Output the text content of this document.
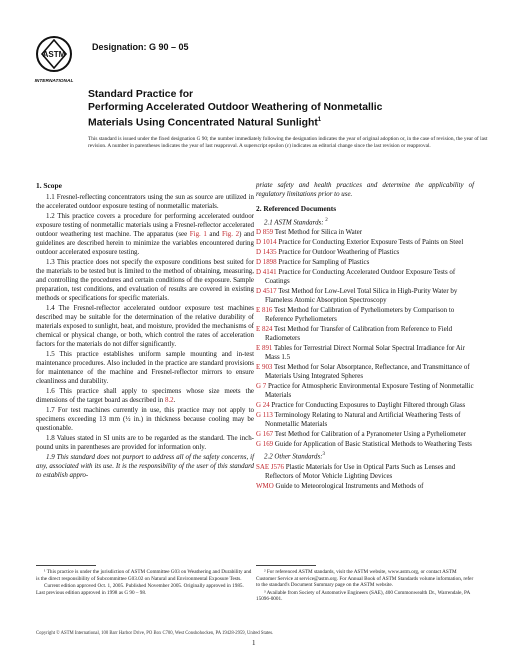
ASTM
INTERNATIONAL
Designation: G 90 – 05
Standard Practice for
Performing Accelerated Outdoor Weathering of Nonmetallic
Materials Using Concentrated Natural Sunlight$^1$
This standard is issued under the fixed designation G 90; the number immediately following the designation indicates the year of original adoption or, in the case of revision, the year of last revision. A number in parentheses indicates the year of last reapproval. A superscript epsilon (ε) indicates an editorial change since the last revision or reapproval.
1. Scope

1.1 Fresnel-reflecting concentrators using the sun as source are utilized in the accelerated outdoor exposure testing of nonmetallic materials.

1.2 This practice covers a procedure for performing accelerated outdoor exposure testing of nonmetallic materials using a Fresnel-reflector accelerated outdoor weathering test machine. The apparatus (see Fig. 1 and Fig. 2) and guidelines are described herein to minimize the variables encountered during outdoor accelerated exposure testing.

1.3 This practice does not specify the exposure conditions best suited for the materials to be tested but is limited to the method of obtaining, measuring, and controlling the procedures and certain conditions of the exposure. Sample preparation, test conditions, and evaluation of results are covered in existing methods or specifications for specific materials.

1.4 The Fresnel-reflector accelerated outdoor exposure test machines described may be suitable for the determination of the relative durability of materials exposed to sunlight, heat, and moisture, provided the mechanisms of chemical or physical change, or both, which control the rates of acceleration factors for the materials do not differ significantly.

1.5 This practice establishes uniform sample mounting and in-test maintenance procedures. Also included in the practice are standard provisions for maintenance of the machine and Fresnel-reflector mirrors to ensure cleanliness and durability.

1.6 This practice shall apply to specimens whose size meets the dimensions of the target board as described in 8.2.

1.7 For test machines currently in use, this practice may not apply to specimens exceeding 13 mm (½ in.) in thickness because cooling may be questionable.

1.8 Values stated in SI units are to be regarded as the standard. The inch-pound units in parentheses are provided for information only.

1.9 This standard does not purport to address all of the safety concerns, if any, associated with its use. It is the responsibility of the user of this standard to establish appro-

priate safety and health practices and determine the applicability of regulatory limitations prior to use.

2. Referenced Documents
2.1 ASTM Standards: $^2$

D 859 Test Method for Silica in Water

D 1014 Practice for Conducting Exterior Exposure Tests of Paints on Steel

D 1435 Practice for Outdoor Weathering of Plastics

D 1898 Practice for Sampling of Plastics

D 4141 Practice for Conducting Accelerated Outdoor Exposure Tests of Coatings

D 4517 Test Method for Low-Level Total Silica in High-Purity Water by Flameless Atomic Absorption Spectroscopy

E 816 Test Method for Calibration of Pyrheliometers by Comparison to Reference Pyrheliometers

E 824 Test Method for Transfer of Calibration from Reference to Field Radiometers

E 891 Tables for Terrestrial Direct Normal Solar Spectral Irradiance for Air Mass 1.5

E 903 Test Method for Solar Absorptance, Reflectance, and Transmittance of Materials Using Integrated Spheres

G 7 Practice for Atmospheric Environmental Exposure Testing of Nonmetallic Materials

G 24 Practice for Conducting Exposures to Daylight Filtered through Glass

G 113 Terminology Relating to Natural and Artificial Weathering Tests of Nonmetallic Materials

G 167 Test Method for Calibration of a Pyranometer Using a Pyrheliometer

G 169 Guide for Application of Basic Statistical Methods to Weathering Tests

2.2 Other Standards:$^3$

SAE J576 Plastic Materials for Use in Optical Parts Such as Lenses and Reflectors of Motor Vehicle Lighting Devices

WMO Guide to Meteorological Instruments and Methods of

¹ This practice is under the jurisdiction of ASTM Committee G03 on Weathering and Durability and is the direct responsibility of Subcommittee G03.02 on Natural and Environmental Exposure Tests.

Current edition approved Oct. 1, 2005. Published November 2005. Originally approved in 1985. Last previous edition approved in 1998 as G 90 – 98.

² For referenced ASTM standards, visit the ASTM website, www.astm.org, or contact ASTM Customer Service at service@astm.org. For Annual Book of ASTM Standards volume information, refer to the standard's Document Summary page on the ASTM website.

³ Available from Society of Automotive Engineers (SAE), 400 Commonwealth Dr., Warrendale, PA 15096-0001.

Copyright © ASTM International, 100 Barr Harbor Drive, PO Box C700, West Conshohocken, PA 19428-2959, United States.
1
